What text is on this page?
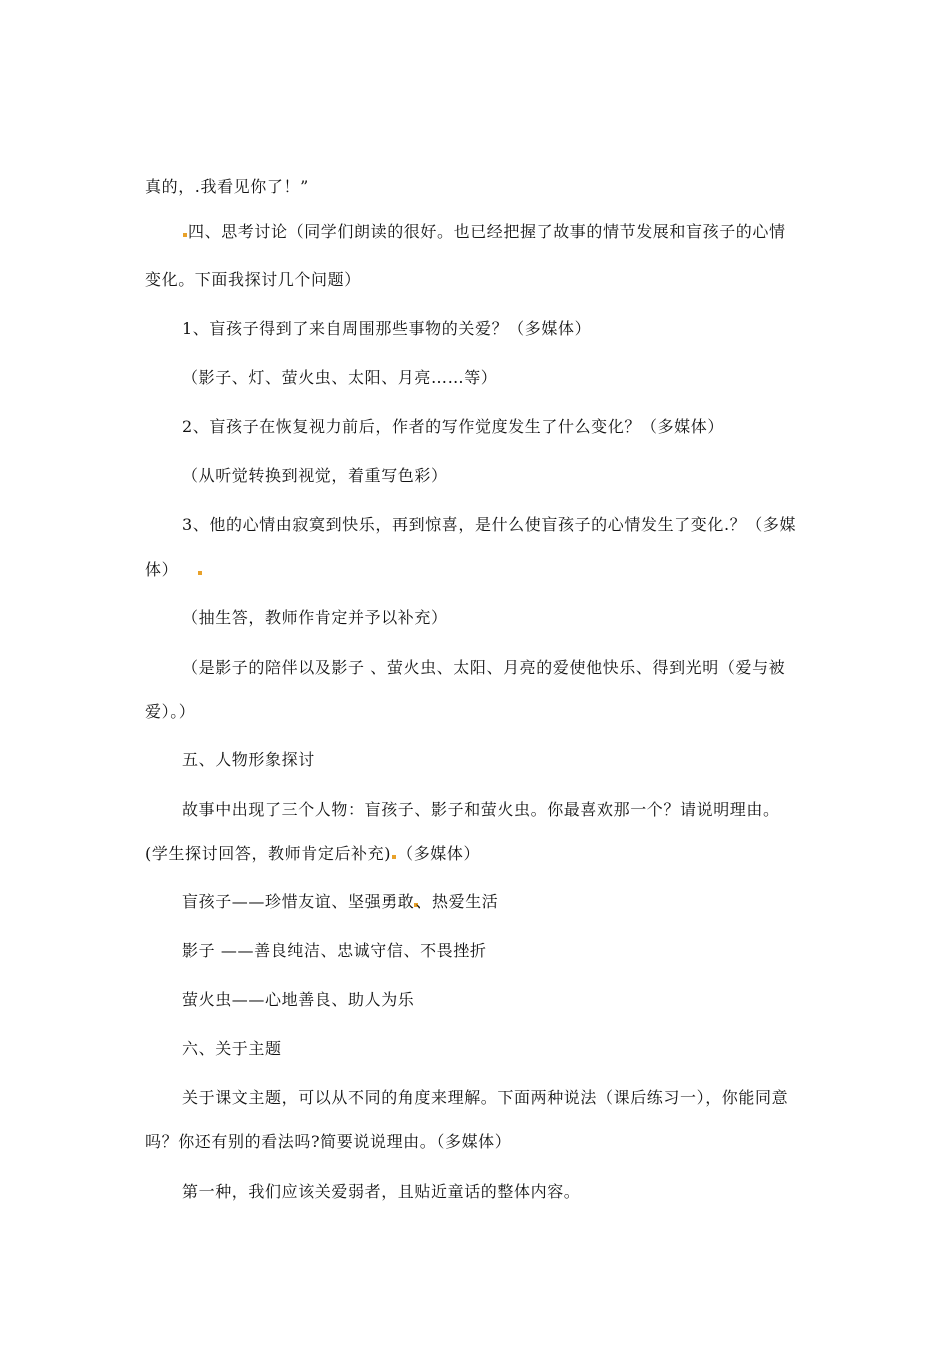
真的，.我看见你了！”
四、思考讨论（同学们朗读的很好。也已经把握了故事的情节发展和盲孩子的心情
变化。下面我探讨几个问题）
1、盲孩子得到了来自周围那些事物的关爱？（多媒体）
（影子、灯、萤火虫、太阳、月亮……等）
2、盲孩子在恢复视力前后，作者的写作觉度发生了什么变化？（多媒体）
（从听觉转换到视觉，着重写色彩）
3、他的心情由寂寞到快乐，再到惊喜，是什么使盲孩子的心情发生了变化.？（多媒
体）
（抽生答，教师作肯定并予以补充）
（是影子的陪伴以及影子 、萤火虫、太阳、月亮的爱使他快乐、得到光明（爱与被
爱）。）
五、人物形象探讨
故事中出现了三个人物：盲孩子、影子和萤火虫。你最喜欢那一个？请说明理由。
(学生探讨回答，教师肯定后补充) （多媒体）
盲孩子——珍惜友谊、坚强勇敢、热爱生活
影子 ——善良纯洁、忠诚守信、不畏挫折
萤火虫——心地善良、助人为乐
六、关于主题
关于课文主题，可以从不同的角度来理解。下面两种说法（课后练习一），你能同意
吗？你还有别的看法吗?简要说说理由。（多媒体）
第一种，我们应该关爱弱者，且贴近童话的整体内容。
